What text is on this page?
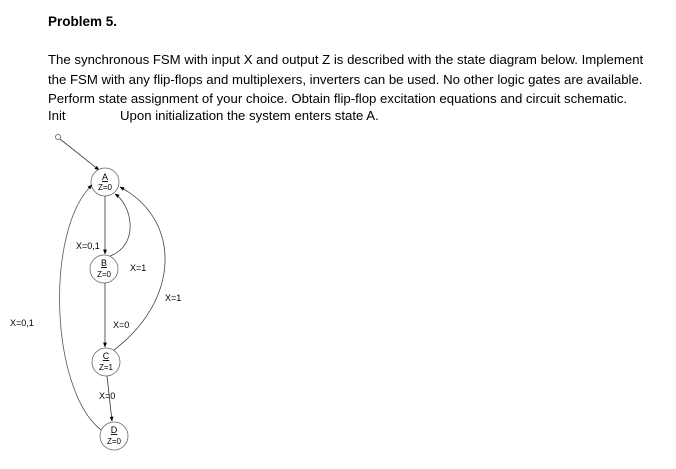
Problem 5.
The synchronous FSM with input X and output Z is described with the state diagram below. Implement
the FSM with any flip-flops and multiplexers, inverters can be used. No other logic gates are available.
Perform state assignment of your choice. Obtain flip-flop excitation equations and circuit schematic.
Init	Upon initialization the system enters state A.
A
Z=0
B
Z=0
C
Z=1
D
Z=0
X=0,1
X=1
X=0
X=1
X=0
X=0,1
